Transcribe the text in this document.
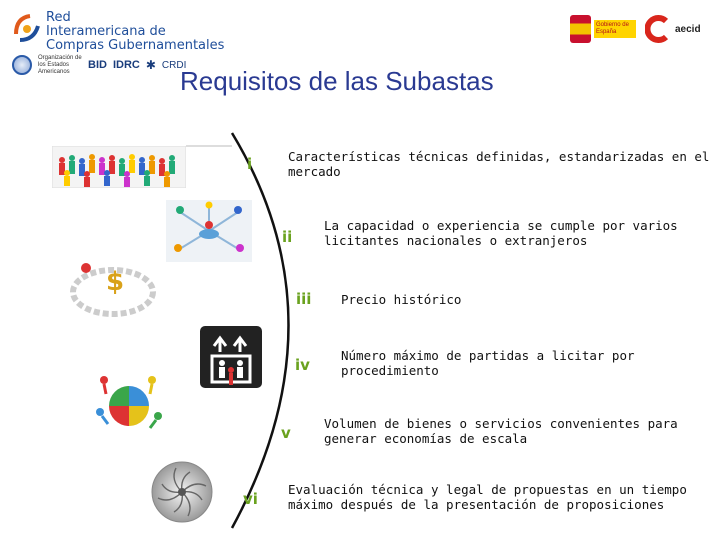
Red
Interamericana de
Compras Gubernamentales
Organización de los Estados Americanos
BID IDRC ✱ CRDI
Gobierno de España	aecid
Requisitos de las Subastas
i	Características técnicas definidas, estandarizadas en el
mercado
ii
La capacidad o experiencia se cumple por varios
licitantes nacionales o extranjeros
iii Precio histórico
iv
Número máximo de partidas a licitar por
procedimiento
v
Volumen de bienes o servicios convenientes para
generar economías de escala
vi
Evaluación técnica y legal de propuestas en un tiempo
máximo después de la presentación de proposiciones
$
